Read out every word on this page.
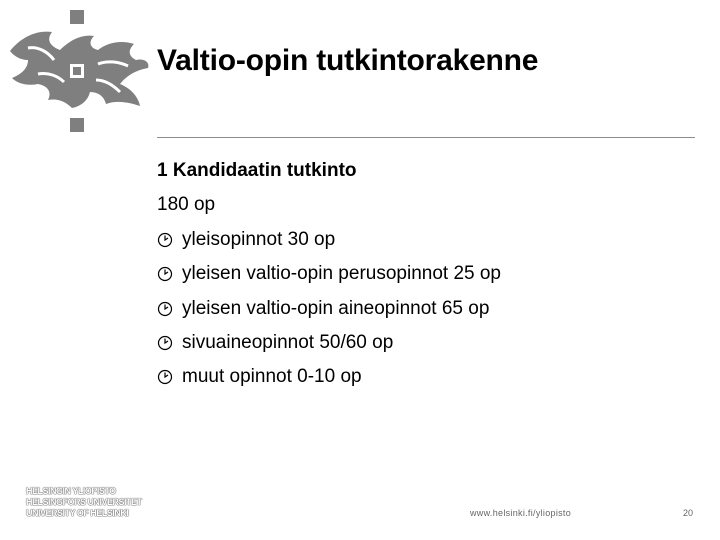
Valtio-opin tutkintorakenne
1 Kandidaatin tutkinto
180 op
yleisopinnot 30 op
yleisen valtio-opin perusopinnot 25 op
yleisen valtio-opin aineopinnot 65 op
sivuaineopinnot 50/60 op
muut opinnot 0-10 op
HELSINGIN YLIOPISTO
HELSINGFORS UNIVERSITET
UNIVERSITY OF HELSINKI	www.helsinki.fi/yliopisto	20
